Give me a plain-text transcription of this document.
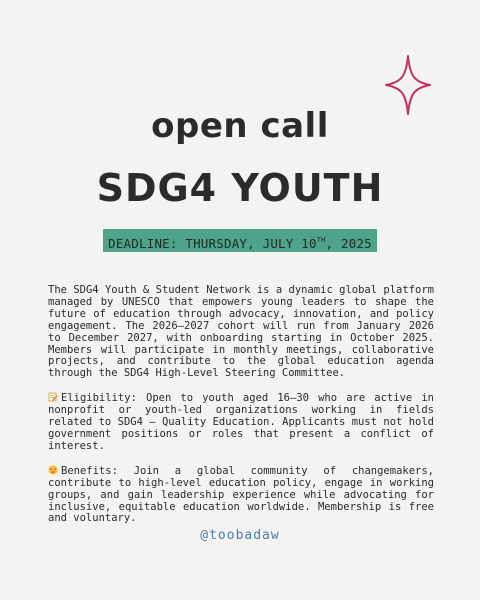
open call
SDG4 YOUTH
DEADLINE: THURSDAY, JULY 10TH, 2025

The SDG4 Youth & Student Network is a dynamic global platform managed by UNESCO that empowers young leaders to shape the future of education through advocacy, innovation, and policy engagement. The 2026–2027 cohort will run from January 2026 to December 2027, with onboarding starting in October 2025. Members will participate in monthly meetings, collaborative projects, and contribute to the global education agenda through the SDG4 High-Level Steering Committee.

Eligibility: Open to youth aged 16–30 who are active in nonprofit or youth-led organizations working in fields related to SDG4 – Quality Education. Applicants must not hold government positions or roles that present a conflict of interest.

Benefits: Join a global community of changemakers, contribute to high-level education policy, engage in working groups, and gain leadership experience while advocating for inclusive, equitable education worldwide. Membership is free and voluntary.

@toobadaw
